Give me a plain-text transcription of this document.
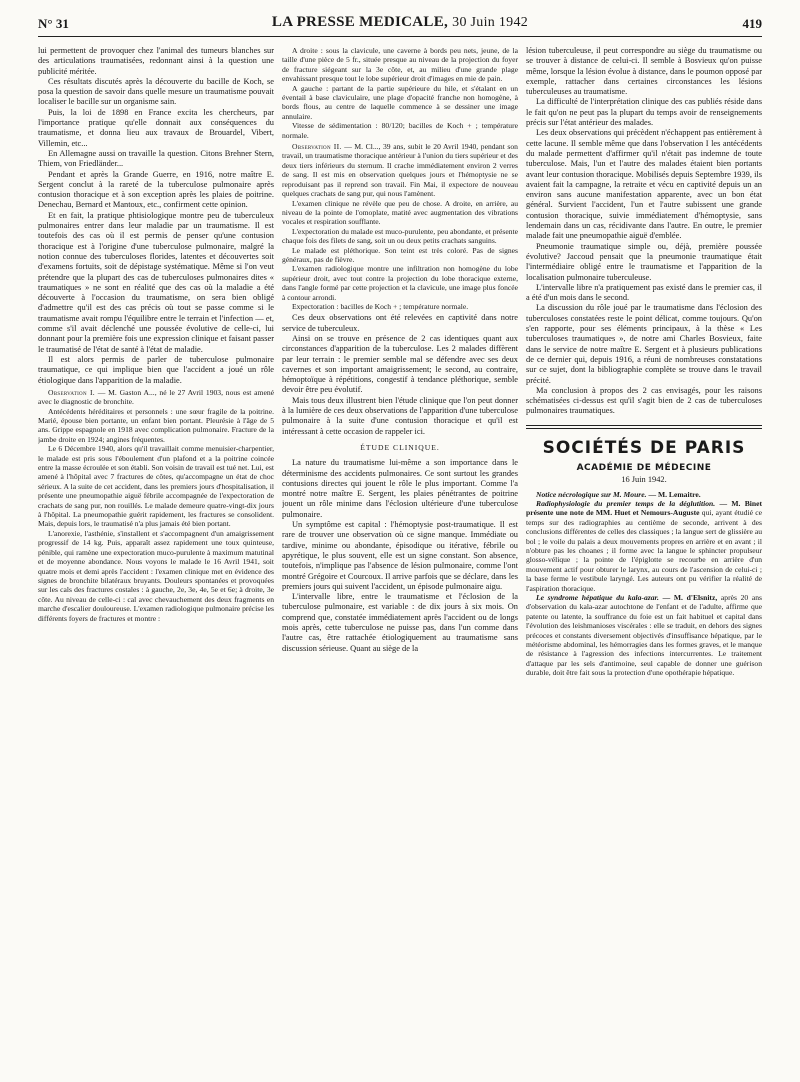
N° 31	LA PRESSE MEDICALE, 30 Juin 1942	419

lui permettent de provoquer chez l'animal des tumeurs blanches sur des articulations traumatisées, redonnant ainsi à la question une publicité méritée.

Ces résultats discutés après la découverte du bacille de Koch, se posa la question de savoir dans quelle mesure un traumatisme pouvait localiser le bacille sur un organisme sain.

Puis, la loi de 1898 en France excita les chercheurs, par l'importance pratique qu'elle donnait aux conséquences du traumatisme, et donna lieu aux travaux de Brouardel, Vibert, Villemin, etc...

En Allemagne aussi on travaille la question. Citons Brehner Stern, Thiem, von Friedländer...

Pendant et après la Grande Guerre, en 1916, notre maître E. Sergent conclut à la rareté de la tuberculose pulmonaire après contusion thoracique et à son exception après les plaies de poitrine. Denechau, Bernard et Mantoux, etc., confirment cette opinion.

Et en fait, la pratique phtisiologique montre peu de tuberculeux pulmonaires entrer dans leur maladie par un traumatisme. Il est toutefois des cas où il est permis de penser qu'une contusion thoracique est à l'origine d'une tuberculose pulmonaire, malgré la notion connue des tuberculoses florides, latentes et découvertes soit d'examens fortuits, soit de dépistage systématique. Même si l'on veut prétendre que la plupart des cas de tuberculoses pulmonaires dites « traumatiques » ne sont en réalité que des cas où la maladie a été découverte à l'occasion du traumatisme, on sera bien obligé d'admettre qu'il est des cas précis où tout se passe comme si le traumatisme avait rompu l'équilibre entre le terrain et l'infection — et, comme s'il avait déclenché une poussée évolutive de celle-ci, lui donnant pour la première fois une expression clinique et faisant passer le traumatisé de l'état de santé à l'état de maladie.

Il est alors permis de parler de tuberculose pulmonaire traumatique, ce qui implique bien que l'accident a joué un rôle étiologique dans l'apparition de la maladie.

Observation I. — M. Gaston A..., né le 27 Avril 1903, nous est amené avec le diagnostic de bronchite.

Antécédents héréditaires et personnels : une sœur fragile de la poitrine. Marié, épouse bien portante, un enfant bien portant. Pleurésie à l'âge de 5 ans. Grippe espagnole en 1918 avec complication pulmonaire. Fracture de la jambe droite en 1924; angines fréquentes.

Le 6 Décembre 1940, alors qu'il travaillait comme menuisier-charpentier, le malade est pris sous l'éboulement d'un plafond et a la poitrine coincée entre la masse écroulée et son établi. Son voisin de travail est tué net. Lui, est amené à l'hôpital avec 7 fractures de côtes, qu'accompagne un état de choc sérieux. A la suite de cet accident, dans les premiers jours d'hospitalisation, il présente une pneumopathie aiguë fébrile accompagnée de l'expectoration de crachats de sang pur, non rouillés. Le malade demeure quatre-vingt-dix jours à l'hôpital. La pneumopathie guérit rapidement, les fractures se consolident. Mais, depuis lors, le traumatisé n'a plus jamais été bien portant.

L'anorexie, l'asthénie, s'installent et s'accompagnent d'un amaigrissement progressif de 14 kg. Puis, apparaît assez rapidement une toux quinteuse, pénible, qui ramène une expectoration muco-purulente à maximum matutinal et de moyenne abondance. Nous voyons le malade le 16 Avril 1941, soit quatre mois et demi après l'accident : l'examen clinique met en évidence des signes de bronchite bilatéraux bruyants. Douleurs spontanées et provoquées sur les cals des fractures costales : à gauche, 2e, 3e, 4e, 5e et 6e; à droite, 3e côte. Au niveau de celle-ci : cal avec chevauchement des deux fragments en marche d'escalier douloureuse. L'examen radiologique pulmonaire précise les différents foyers de fractures et montre :

A droite : sous la clavicule, une caverne à bords peu nets, jeune, de la taille d'une pièce de 5 fr., située presque au niveau de la projection du foyer de fracture siégeant sur la 3e côte, et, au milieu d'une grande plage envahissant presque tout le lobe supérieur droit d'images en mie de pain.

A gauche : partant de la partie supérieure du hile, et s'étalant en un éventail à base claviculaire, une plage d'opacité franche non homogène, à bords flous, au centre de laquelle commence à se dessiner une image annulaire.

Vitesse de sédimentation : 80/120; bacilles de Koch + ; température normale.

Observation II. — M. Cl..., 39 ans, subit le 20 Avril 1940, pendant son travail, un traumatisme thoracique antérieur à l'union du tiers supérieur et des deux tiers inférieurs du sternum. Il crache immédiatement environ 2 verres de sang. Il est mis en observation quelques jours et l'hémoptysie ne se reproduisant pas il reprend son travail. Fin Mai, il expectore de nouveau quelques crachats de sang pur, qui nous l'amènent.

L'examen clinique ne révèle que peu de chose. A droite, en arrière, au niveau de la pointe de l'omoplate, matité avec augmentation des vibrations vocales et respiration soufflante.

L'expectoration du malade est muco-purulente, peu abondante, et présente chaque fois des filets de sang, soit un ou deux petits crachats sanguins.

Le malade est pléthorique. Son teint est très coloré. Pas de signes généraux, pas de fièvre.

L'examen radiologique montre une infiltration non homogène du lobe supérieur droit, avec tout contre la projection du lobe thoracique externe, dans l'angle formé par cette projection et la clavicule, une image plus foncée à contour arrondi.

Expectoration : bacilles de Koch + ; température normale.

Ces deux observations ont été relevées en captivité dans notre service de tuberculeux.

Ainsi on se trouve en présence de 2 cas identiques quant aux circonstances d'apparition de la tuberculose. Les 2 malades diffèrent par leur terrain : le premier semble mal se défendre avec ses deux cavernes et son important amaigrissement; le second, au contraire, hémoptoïque à répétitions, congestif à tendance pléthorique, semble devoir être peu évolutif.

Mais tous deux illustrent bien l'étude clinique que l'on peut donner à la lumière de ces deux observations de l'apparition d'une tuberculose pulmonaire à la suite d'une contusion thoracique et qu'il est intéressant à cette occasion de rappeler ici.

ÉTUDE CLINIQUE.

La nature du traumatisme lui-même a son importance dans le déterminisme des accidents pulmonaires. Ce sont surtout les grandes contusions directes qui jouent le rôle le plus important. Comme l'a montré notre maître E. Sergent, les plaies pénétrantes de poitrine jouent un rôle minime dans l'éclosion ultérieure d'une tuberculose pulmonaire.

Un symptôme est capital : l'hémoptysie post-traumatique. Il est rare de trouver une observation où ce signe manque. Immédiate ou tardive, minime ou abondante, épisodique ou itérative, fébrile ou apyrétique, le plus souvent, elle est un signe constant. Son absence, toutefois, n'implique pas l'absence de lésion pulmonaire, comme l'ont montré Grégoire et Courcoux. Il arrive parfois que se déclare, dans les premiers jours qui suivent l'accident, un épisode pulmonaire aigu.

L'intervalle libre, entre le traumatisme et l'éclosion de la tuberculose pulmonaire, est variable : de dix jours à six mois. On comprend que, constatée immédiatement après l'accident ou de longs mois après, cette tuberculose ne puisse pas, dans l'un comme dans l'autre cas, être rattachée étiologiquement au traumatisme sans discussion sérieuse. Quant au siège de la

lésion tuberculeuse, il peut correspondre au siège du traumatisme ou se trouver à distance de celui-ci. Il semble à Bosvieux qu'on puisse même, lorsque la lésion évolue à distance, dans le poumon opposé par exemple, rattacher dans certaines circonstances les lésions tuberculeuses au traumatisme.

La difficulté de l'interprétation clinique des cas publiés réside dans le fait qu'on ne peut pas la plupart du temps avoir de renseignements précis sur l'état antérieur des malades.

Les deux observations qui précèdent n'échappent pas entièrement à cette lacune. Il semble même que dans l'observation I les antécédents du malade permettent d'affirmer qu'il n'était pas indemne de toute tuberculose. Mais, l'un et l'autre des malades étaient bien portants avant leur contusion thoracique. Mobilisés depuis Septembre 1939, ils avaient fait la campagne, la retraite et vécu en captivité depuis un an environ sans aucune manifestation apparente, avec un bon état général. Survient l'accident, l'un et l'autre subissent une grande contusion thoracique, suivie immédiatement d'hémoptysie, sans lendemain dans un cas, récidivante dans l'autre. En outre, le premier malade fait une pneumopathie aiguë d'emblée.

Pneumonie traumatique simple ou, déjà, première poussée évolutive? Jaccoud pensait que la pneumonie traumatique était l'intermédiaire obligé entre le traumatisme et l'apparition de la localisation pulmonaire tuberculeuse.

L'intervalle libre n'a pratiquement pas existé dans le premier cas, il a été d'un mois dans le second.

La discussion du rôle joué par le traumatisme dans l'éclosion des tuberculoses constatées reste le point délicat, comme toujours. Qu'on s'en rapporte, pour ses éléments principaux, à la thèse « Les tuberculoses traumatiques », de notre ami Charles Bosvieux, faite dans le service de notre maître E. Sergent et à plusieurs publications de ce dernier qui, depuis 1916, a réuni de nombreuses constatations sur ce sujet, dont la bibliographie complète se trouve dans le travail précité.

Ma conclusion à propos des 2 cas envisagés, pour les raisons schématisées ci-dessus est qu'il s'agit bien de 2 cas de tuberculoses pulmonaires traumatiques.

SOCIÉTÉS DE PARIS
ACADÉMIE DE MÉDECINE
16 Juin 1942.

Notice nécrologique sur M. Moure. — M. Lemaitre.

Radiophysiologie du premier temps de la déglutition. — M. Binet présente une note de MM. Huet et Nemours-Auguste qui, ayant étudié ce temps sur des radiographies au centième de seconde, arrivent à des conclusions différentes de celles des classiques ; la langue sert de glissière au bol ; le voile du palais a deux mouvements propres en arrière et en avant ; il n'obture pas les choanes ; il forme avec la langue le sphincter propulseur glosso-vélique ; la pointe de l'épiglotte se recourbe en arrière d'un mouvement actif pour obturer le larynx, au cours de l'ascension de celui-ci ; la base ferme le vestibule laryngé. Les auteurs ont pu vérifier la réalité de l'aspiration thoracique.

Le syndrome hépatique du kala-azar. — M. d'Elsnitz, après 20 ans d'observation du kala-azar autochtone de l'enfant et de l'adulte, affirme que patente ou latente, la souffrance du foie est un fait habituel et capital dans l'évolution des leishmanioses viscérales : elle se traduit, en dehors des signes précoces et constants diversement objectivés d'insuffisance hépatique, par le météorisme abdominal, les hémorragies dans les formes graves, et le manque de résistance à l'agression des infections intercurrentes. Le traitement d'attaque par les sels d'antimoine, seul capable de donner une guérison durable, doit être fait sous la protection d'une opothérapie hépatique.
